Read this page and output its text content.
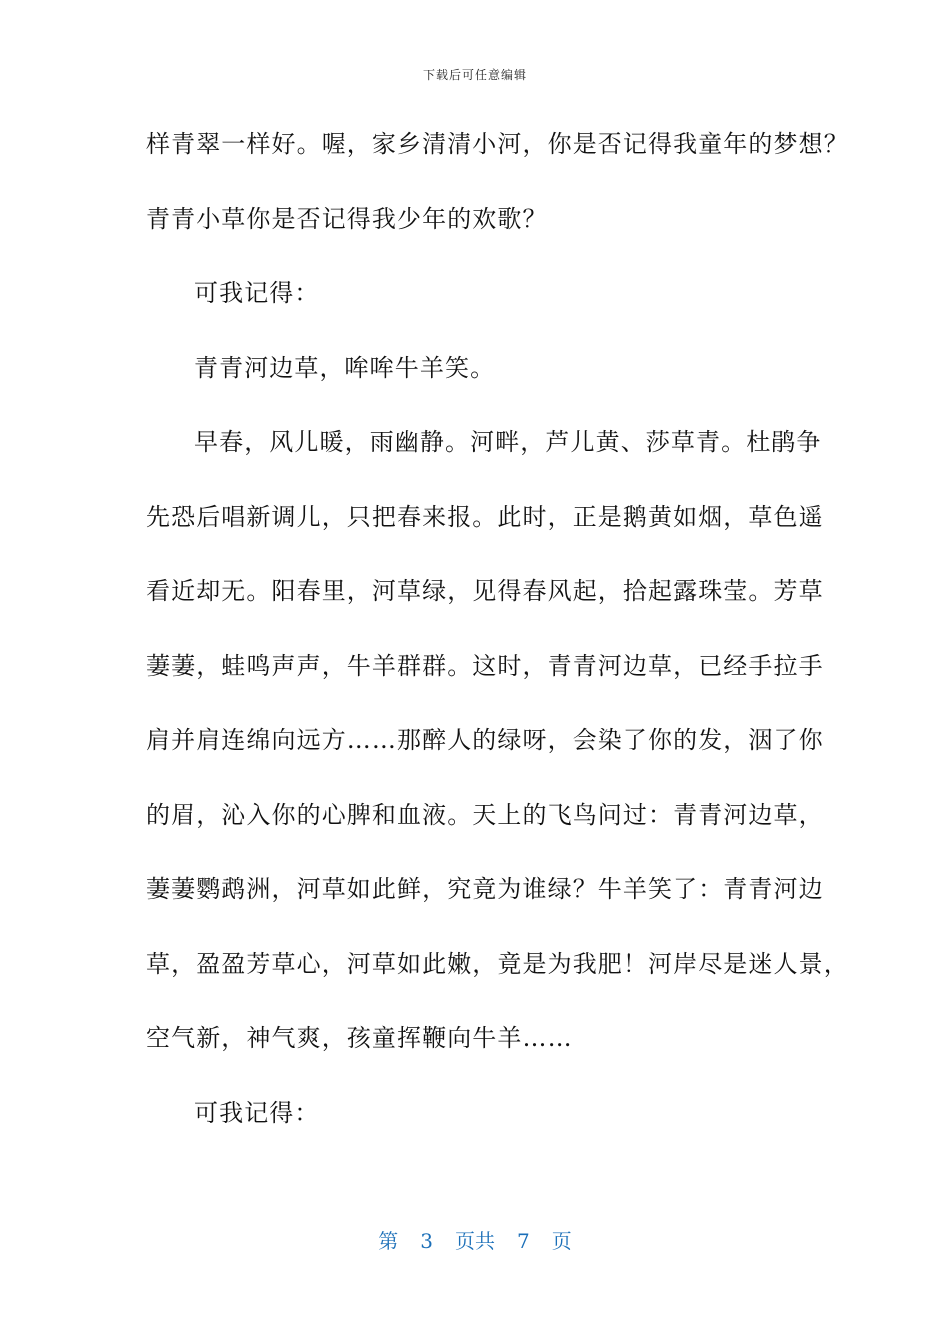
下载后可任意编辑
样青翠一样好。喔，家乡清清小河，你是否记得我童年的梦想？
青青小草你是否记得我少年的欢歌？
可我记得：
青青河边草，哞哞牛羊笑。
早春，风儿暖，雨幽静。河畔，芦儿黄、莎草青。杜鹃争
先恐后唱新调儿，只把春来报。此时，正是鹅黄如烟，草色遥
看近却无。阳春里，河草绿，见得春风起，拾起露珠莹。芳草
萋萋，蛙鸣声声，牛羊群群。这时，青青河边草，已经手拉手
肩并肩连绵向远方……那醉人的绿呀，会染了你的发，洇了你
的眉，沁入你的心脾和血液。天上的飞鸟问过：青青河边草，
萋萋鹦鹉洲，河草如此鲜，究竟为谁绿？牛羊笑了：青青河边
草，盈盈芳草心，河草如此嫩，竟是为我肥！河岸尽是迷人景，
空气新，神气爽，孩童挥鞭向牛羊……
可我记得：
第 3 页共 7 页
